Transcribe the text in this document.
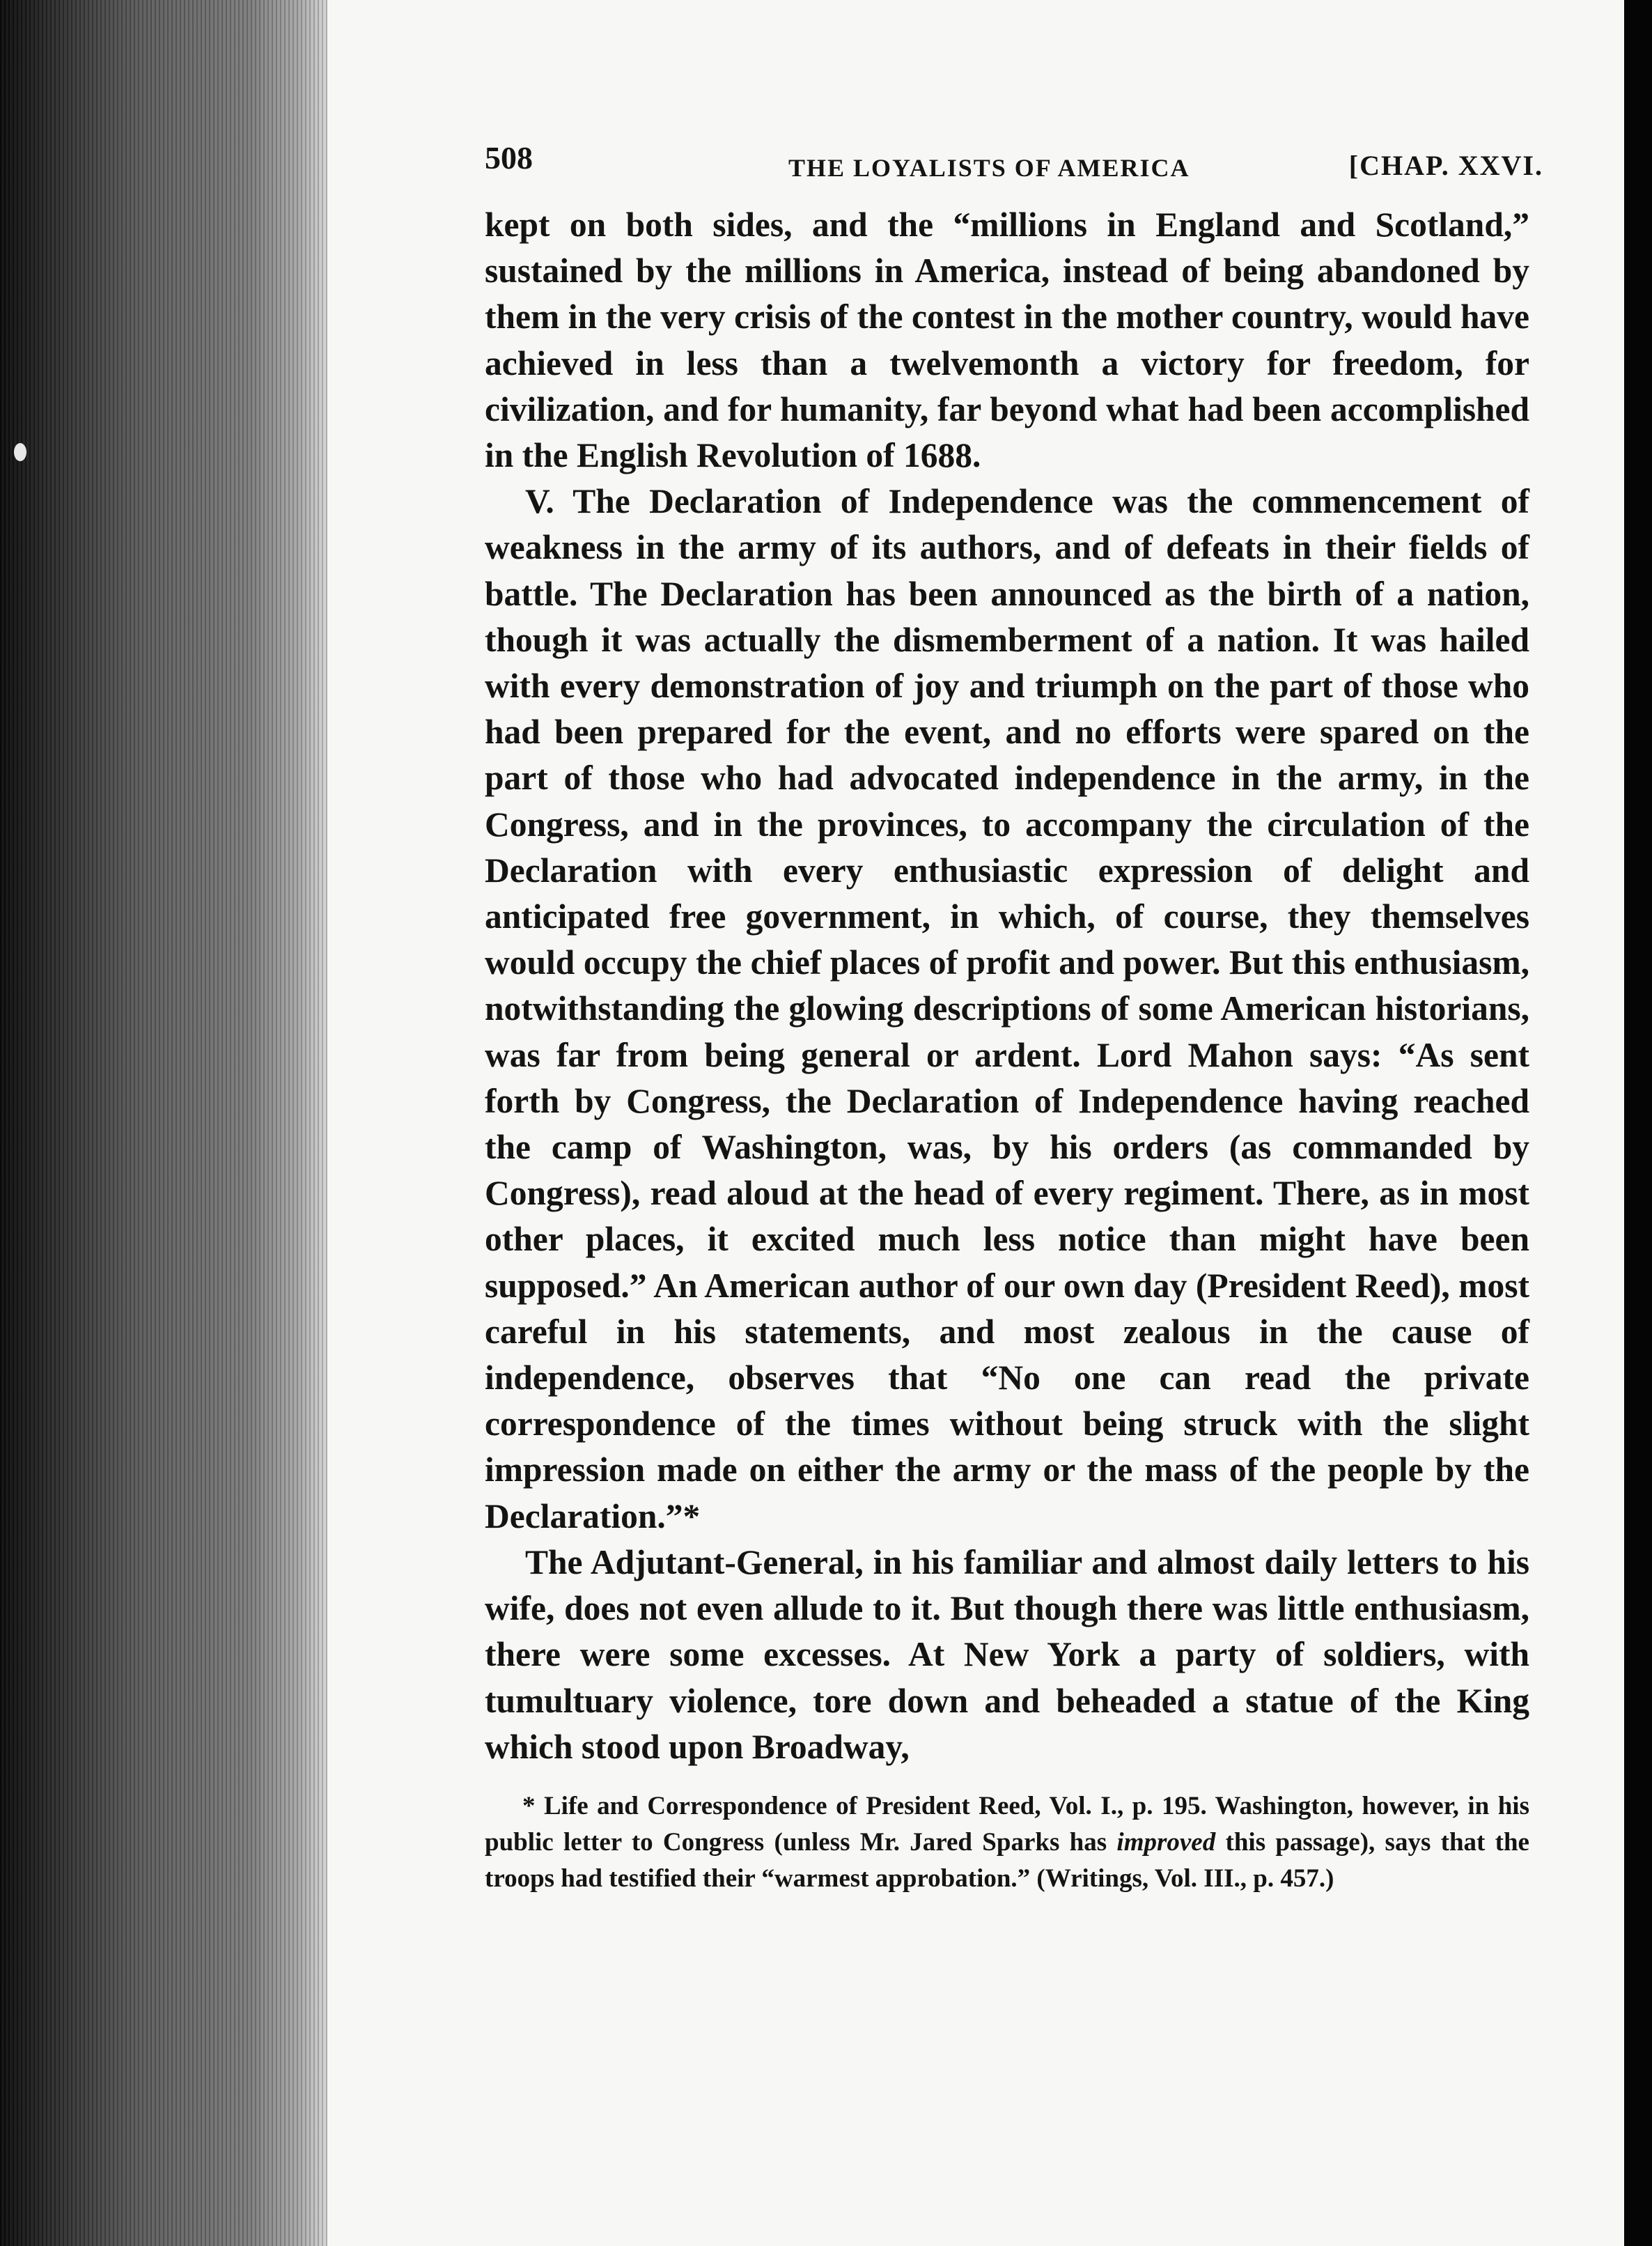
508	THE LOYALISTS OF AMERICA	[CHAP. XXVI.

kept on both sides, and the “millions in England and Scotland,” sustained by the millions in America, instead of being abandoned by them in the very crisis of the contest in the mother country, would have achieved in less than a twelvemonth a victory for freedom, for civilization, and for humanity, far beyond what had been accomplished in the English Revolution of 1688.

V. The Declaration of Independence was the commencement of weakness in the army of its authors, and of defeats in their fields of battle. The Declaration has been announced as the birth of a nation, though it was actually the dismemberment of a nation. It was hailed with every demonstration of joy and triumph on the part of those who had been prepared for the event, and no efforts were spared on the part of those who had advocated independence in the army, in the Congress, and in the provinces, to accompany the circulation of the Declaration with every enthusiastic expression of delight and anticipated free government, in which, of course, they themselves would occupy the chief places of profit and power. But this enthusiasm, notwithstanding the glowing descriptions of some American historians, was far from being general or ardent. Lord Mahon says: “As sent forth by Congress, the Declaration of Independence having reached the camp of Washington, was, by his orders (as commanded by Congress), read aloud at the head of every regiment. There, as in most other places, it excited much less notice than might have been supposed.” An American author of our own day (President Reed), most careful in his statements, and most zealous in the cause of independence, observes that “No one can read the private correspondence of the times without being struck with the slight impression made on either the army or the mass of the people by the Declaration.”*

The Adjutant-General, in his familiar and almost daily letters to his wife, does not even allude to it. But though there was little enthusiasm, there were some excesses. At New York a party of soldiers, with tumultuary violence, tore down and beheaded a statue of the King which stood upon Broadway,

* Life and Correspondence of President Reed, Vol. I., p. 195. Washington, however, in his public letter to Congress (unless Mr. Jared Sparks has improved this passage), says that the troops had testified their “warmest approbation.” (Writings, Vol. III., p. 457.)
